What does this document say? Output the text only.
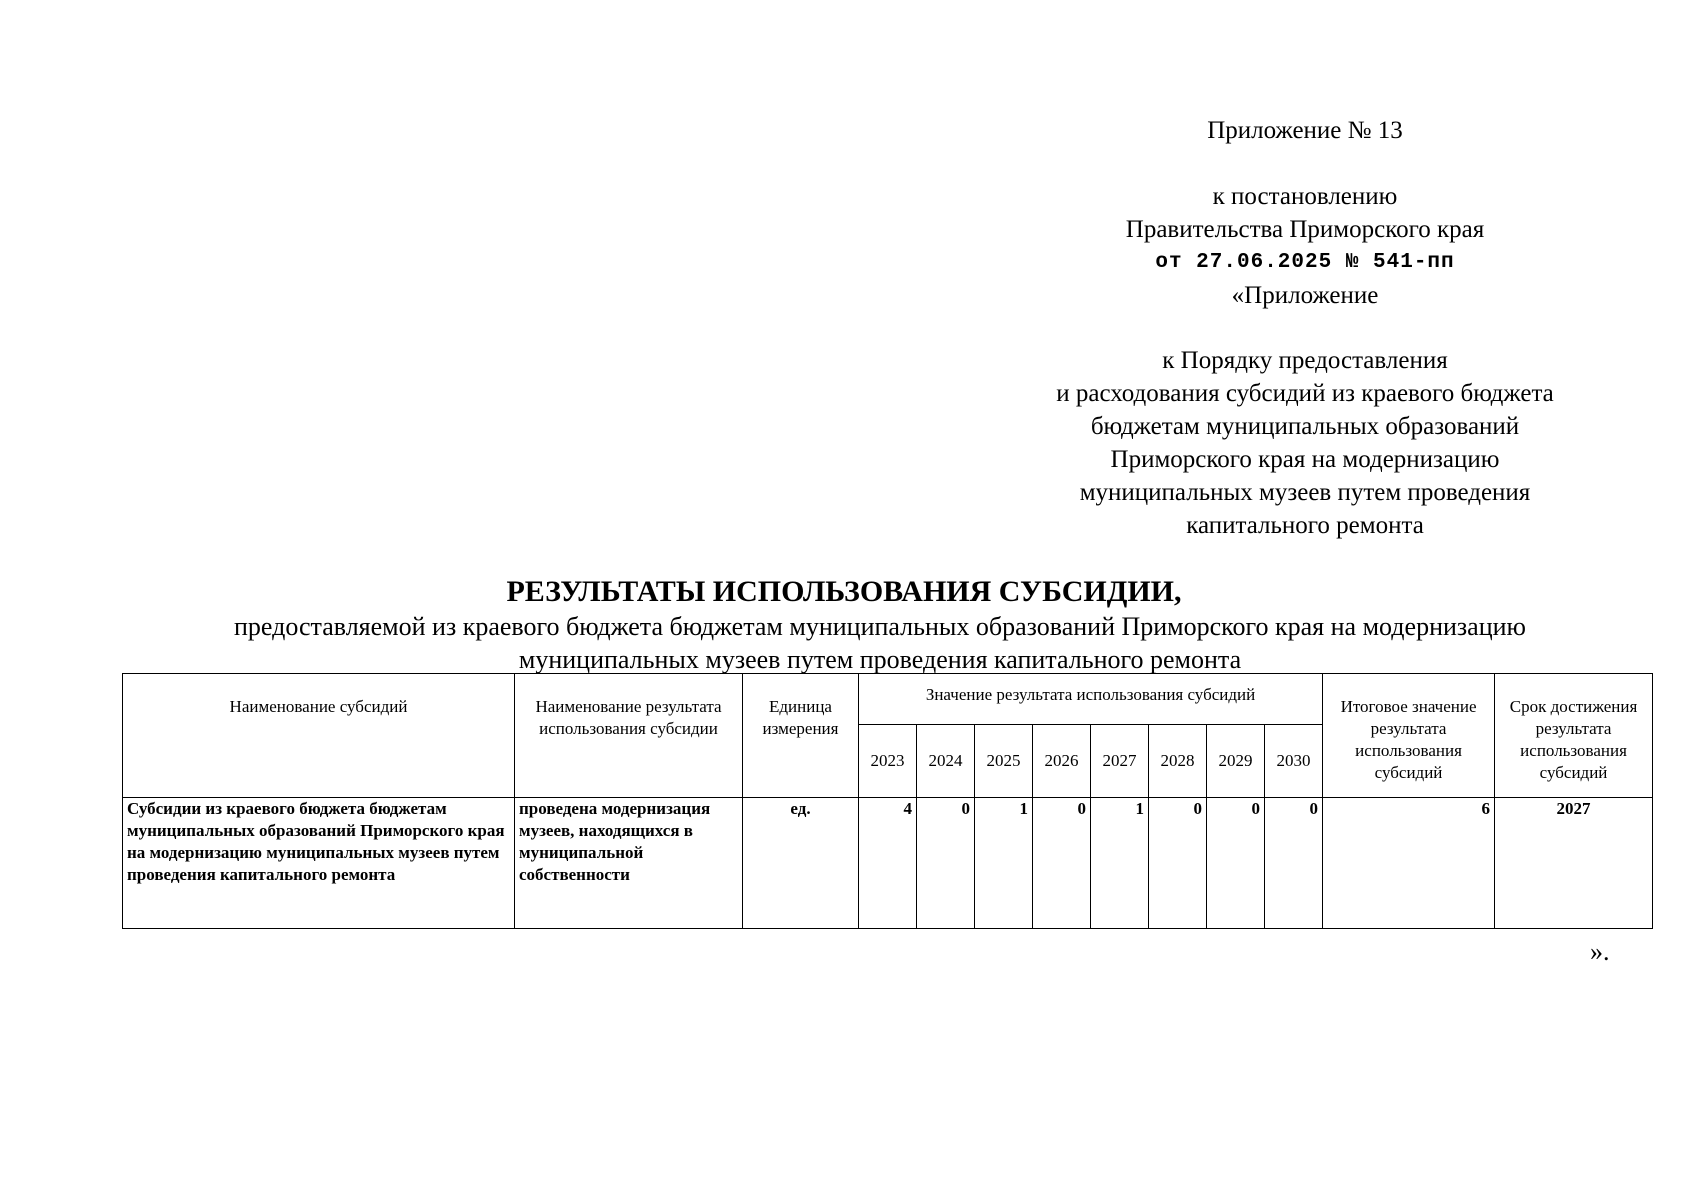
Приложение № 13
к постановлению
Правительства Приморского края
от 27.06.2025 № 541-пп
«Приложение
к Порядку предоставления
и расходования субсидий из краевого бюджета
бюджетам муниципальных образований
Приморского края на модернизацию
муниципальных музеев путем проведения
капитального ремонта
РЕЗУЛЬТАТЫ ИСПОЛЬЗОВАНИЯ СУБСИДИИ,
предоставляемой из краевого бюджета бюджетам муниципальных образований Приморского края на модернизацию
муниципальных музеев путем проведения капитального ремонта
Наименование субсидий	Наименование результата использования субсидии	Единица измерения	Значение результата использования субсидий								Итоговое значение результата использования субсидий	Срок достижения результата использования субсидий
			2023	2024	2025	2026	2027	2028	2029	2030		
Субсидии из краевого бюджета бюджетам муниципальных образований Приморского края на модернизацию муниципальных музеев путем проведения капитального ремонта	проведена модернизация музеев, находящихся в муниципальной собственности	ед.	4	0	1	0	1	0	0	0	6	2027
».
